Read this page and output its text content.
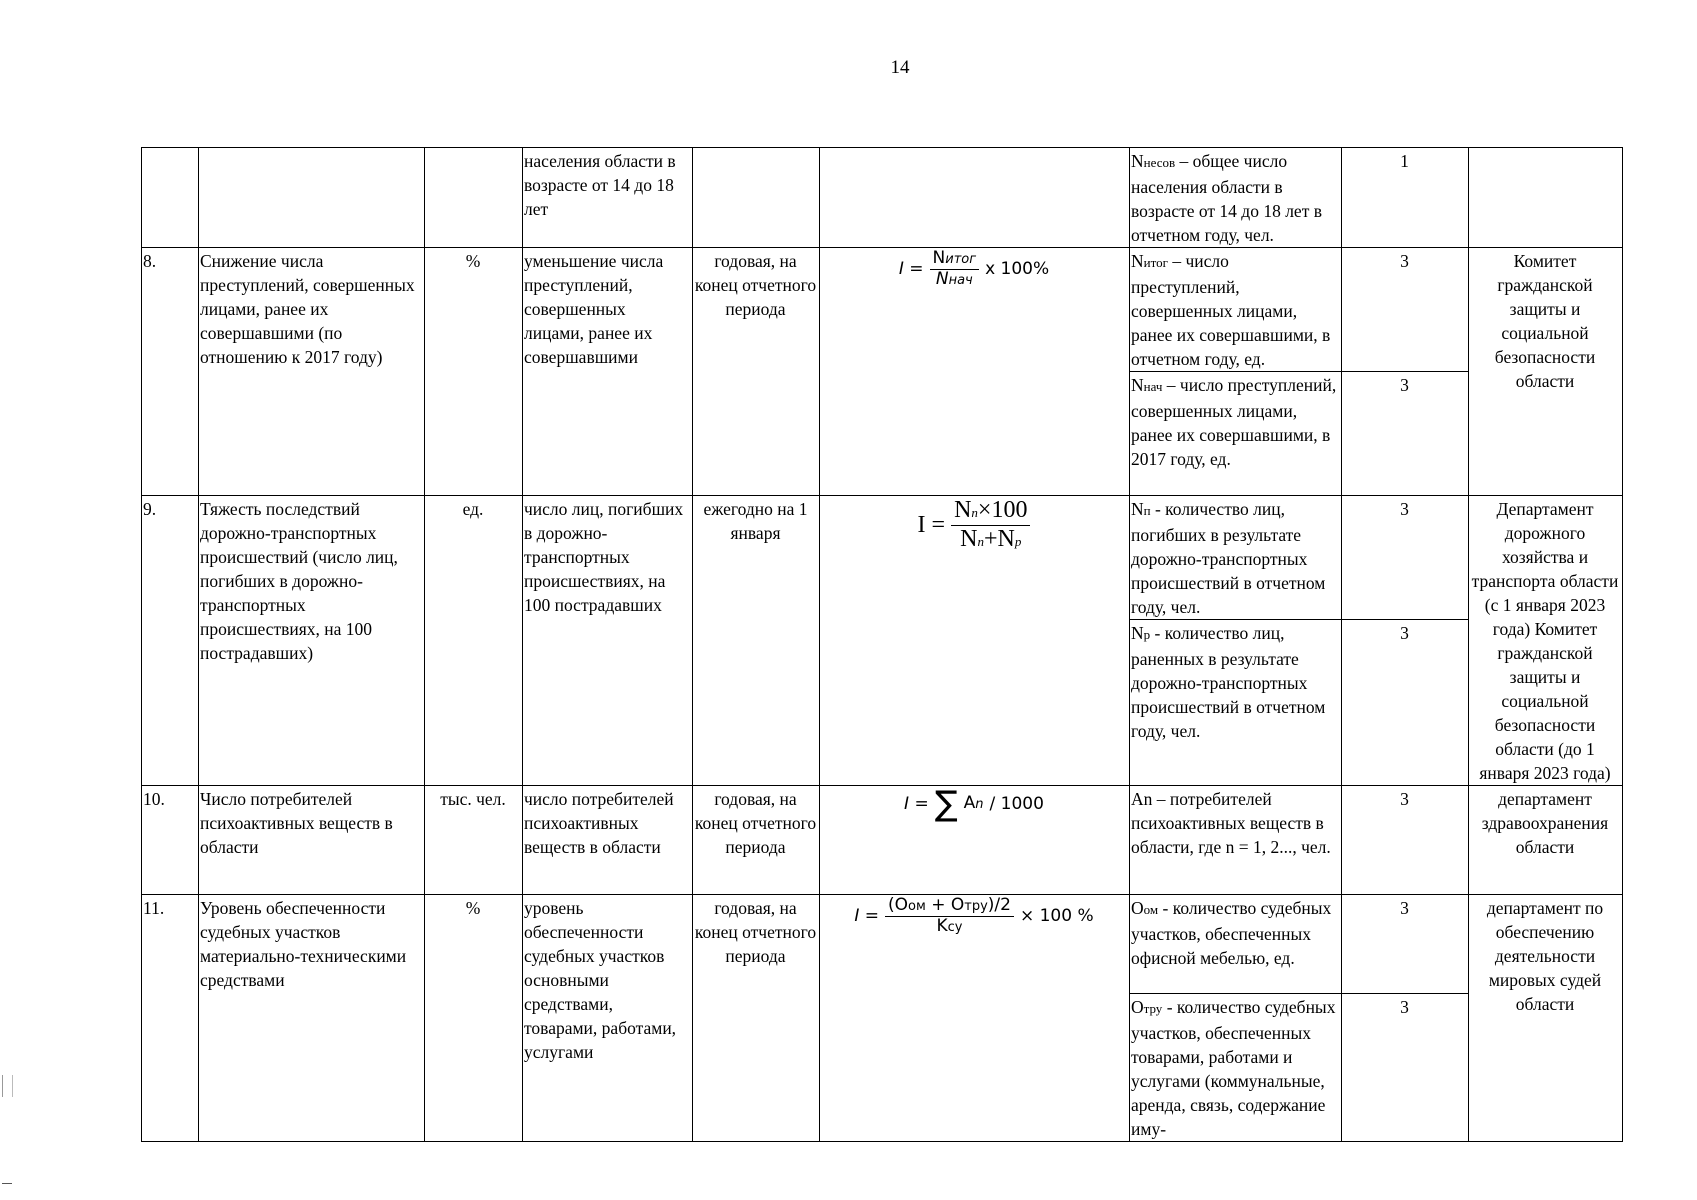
14
			населения области в возрасте от 14 до 18 лет			Nнесов – общее число населения области в возрасте от 14 до 18 лет в отчетном году, чел.	1	
8.	Снижение числа преступлений, совершенных лицами, ранее их совершавшими (по отношению к 2017 году)	%	уменьшение числа преступлений, совершенных лицами, ранее их совершавшими	годовая, на конец отчетного периода	$I = \frac{\text{Nитог}}{\text{Nнач}}$ x 100%	Nитог – число преступлений, совершенных лицами, ранее их совершавшими, в отчетном году, ед.	3	Комитет гражданской защиты и социальной безопасности области
						Nнач – число преступлений, совершенных лицами, ранее их совершавшими, в 2017 году, ед.	3	
9.	Тяжесть последствий дорожно-транспортных происшествий (число лиц, погибших в дорожно-транспортных происшествиях, на 100 пострадавших)	ед.	число лиц, погибших в дорожно-транспортных происшествиях, на 100 пострадавших	ежегодно на 1 января	$I = \frac{Nn\times 100}{Nn+Np}$	Nп - количество лиц, погибших в результате дорожно-транспортных происшествий в отчетном году, чел.	3	Департамент дорожного хозяйства и транспорта области (с 1 января 2023 года) Комитет гражданской защиты и социальной безопасности области (до 1 января 2023 года)
						Nр - количество лиц, раненных в результате дорожно-транспортных происшествий в отчетном году, чел.	3	
10.	Число потребителей психоактивных веществ в области	тыс. чел.	число потребителей психоактивных веществ в области	годовая, на конец отчетного периода	I = ∑ An / 1000	An – потребителей психоактивных веществ в области, где n = 1, 2..., чел.	3	департамент здравоохранения области
11.	Уровень обеспеченности судебных участков материально-техническими средствами	%	уровень обеспеченности судебных участков основными средствами, товарами, работами, услугами	годовая, на конец отчетного периода	$I = \frac{\text{(Oом + Oтру)/2}}{\text{Kсу}} \times 100$ %	Oом - количество судебных участков, обеспеченных офисной мебелью, ед.	3	департамент по обеспечению деятельности мировых судей области
						Oтру - количество судебных участков, обеспеченных товарами, работами и услугами (коммунальные, аренда, связь, содержание иму-	3	
